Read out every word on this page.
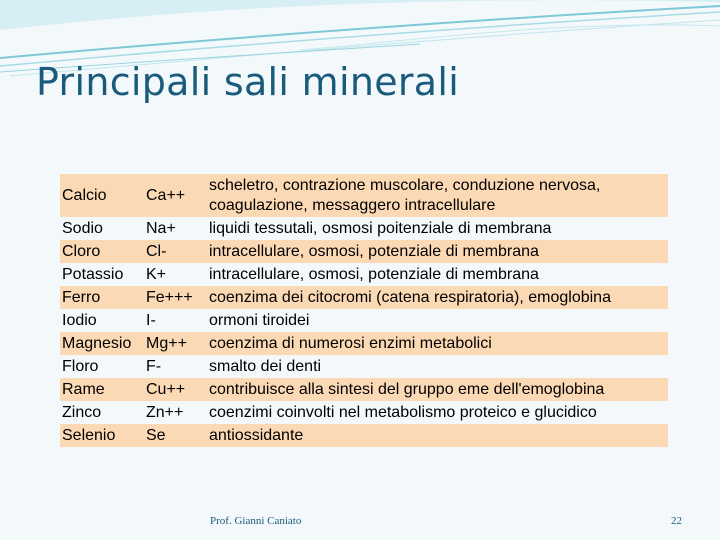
Principali sali minerali
Calcio	Ca++	scheletro, contrazione muscolare, conduzione nervosa, coagulazione, messaggero intracellulare
Sodio	Na+	liquidi tessutali, osmosi poitenziale di membrana
Cloro	Cl-	intracellulare, osmosi, potenziale di membrana
Potassio	K+	intracellulare, osmosi, potenziale di membrana
Ferro	Fe+++	coenzima dei citocromi (catena respiratoria), emoglobina
Iodio	I-	ormoni tiroidei
Magnesio	Mg++	coenzima di numerosi enzimi metabolici
Floro	F-	smalto dei denti
Rame	Cu++	contribuisce alla sintesi del gruppo eme dell'emoglobina
Zinco	Zn++	coenzimi coinvolti nel metabolismo proteico e glucidico
Selenio	Se	antiossidante
Prof. Gianni Caniato	22
